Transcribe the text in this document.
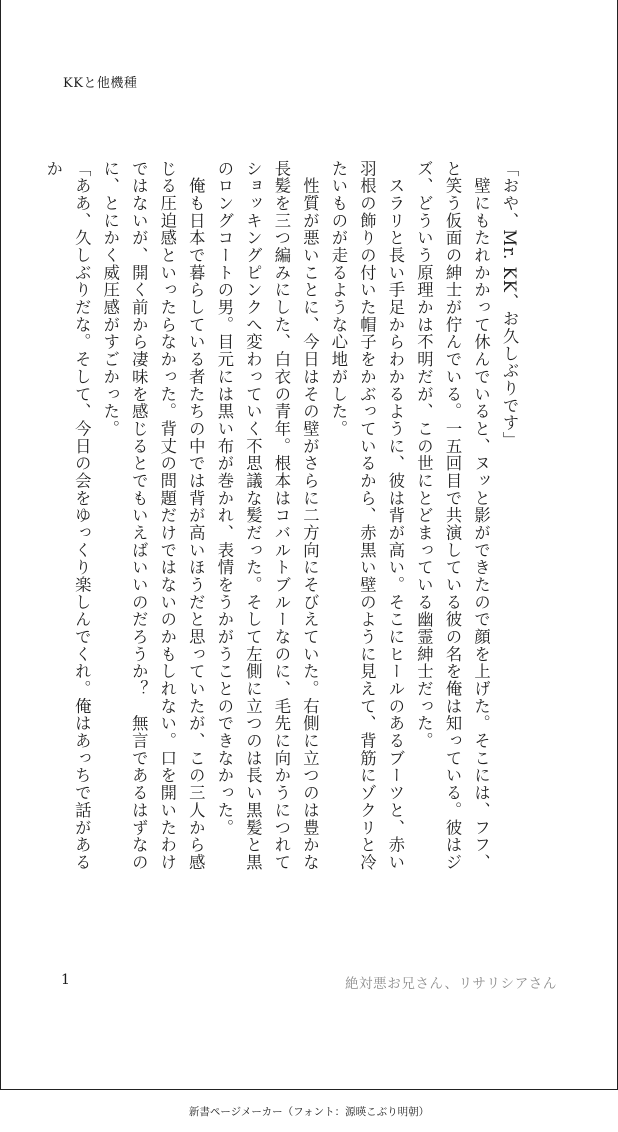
KKと他機種

「おや、Mr. KK、お久しぶりです」

　壁にもたれかかって休んでいると、ヌッと影ができたので顔を上げた。そこには、フフ、と笑う仮面の紳士が佇んでいる。一五回目で共演している彼の名を俺は知っている。彼はジズ、どういう原理かは不明だが、この世にとどまっている幽霊紳士だった。

　スラリと長い手足からわかるように、彼は背が高い。そこにヒールのあるブーツと、赤い羽根の飾りの付いた帽子をかぶっているから、赤黒い壁のように見えて、背筋にゾクリと冷たいものが走るような心地がした。

　性質が悪いことに、今日はその壁がさらに二方向にそびえていた。右側に立つのは豊かな長髪を三つ編みにした、白衣の青年。根本はコバルトブルーなのに、毛先に向かうにつれてショッキングピンクへ変わっていく不思議な髪だった。そして左側に立つのは長い黒髪と黒のロングコートの男。目元には黒い布が巻かれ、表情をうかがうことのできなかった。

　俺も日本で暮らしている者たちの中では背が高いほうだと思っていたが、この三人から感じる圧迫感といったらなかった。背丈の問題だけではないのかもしれない。口を開いたわけではないが、開く前から凄味を感じるとでもいえばいいのだろうか？　無言であるはずなのに、とにかく威圧感がすごかった。

「ああ、久しぶりだな。そして、今日の会をゆっくり楽しんでくれ。俺はあっちで話があるか

1	絶対悪お兄さん、リサリシアさん
新書ページメーカー（フォント：源暎こぶり明朝）
